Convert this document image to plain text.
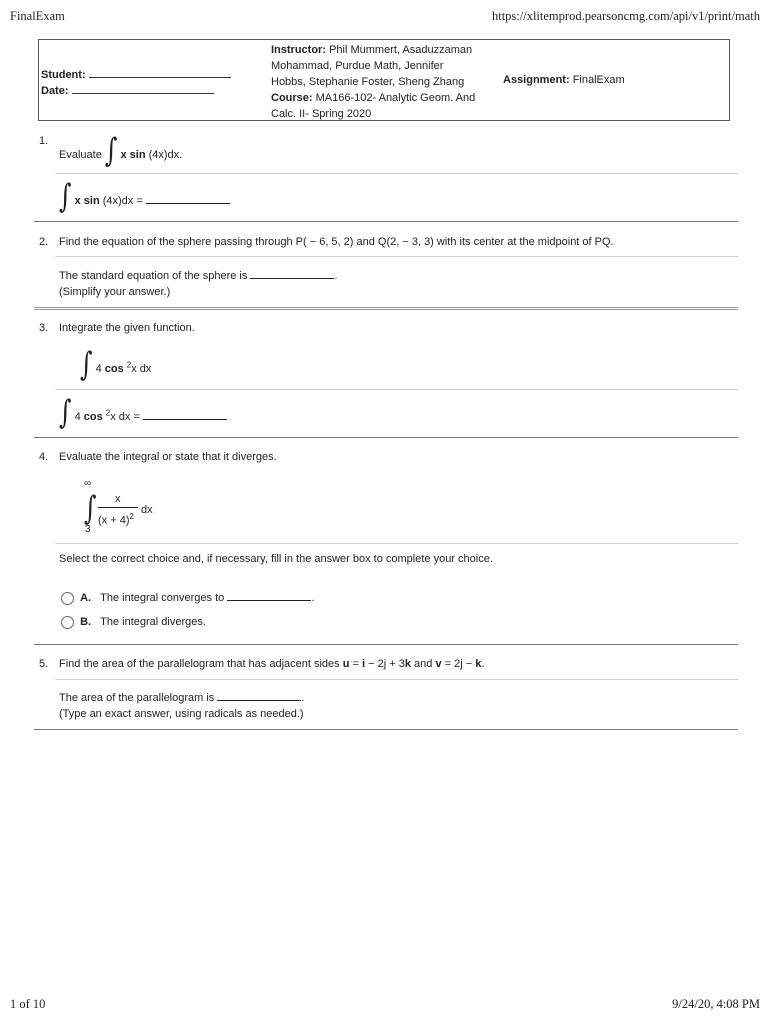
FinalExam	https://xlitemprod.pearsoncmg.com/api/v1/print/math
1 of 10	9/24/20, 4:08 PM
Student:
Date:
Instructor: Phil Mummert, Asaduzzaman
Mohammad, Purdue Math, Jennifer
Hobbs, Stephanie Foster, Sheng Zhang
Course: MA166-102- Analytic Geom. And
Calc. II- Spring 2020
Assignment: FinalExam
1.
Evaluate ∫ x sin (4x)dx.
∫ x sin (4x)dx =
2. Find the equation of the sphere passing through P( − 6, 5, 2) and Q(2, − 3, 3) with its center at the midpoint of PQ.
The standard equation of the sphere is	.
(Simplify your answer.)
3. Integrate the given function.
∫ 4 cos $^2$x dx
∫ 4 cos $^2$x dx =
4. Evaluate the integral or state that it diverges.
∞
∫
3
x
dx
$(x + 4)^2$
Select the correct choice and, if necessary, fill in the answer box to complete your choice.
A. The integral converges to	.
B. The integral diverges.
5. Find the area of the parallelogram that has adjacent sides u = i − 2j + 3k and v = 2j − k.
The area of the parallelogram is	.
(Type an exact answer, using radicals as needed.)
